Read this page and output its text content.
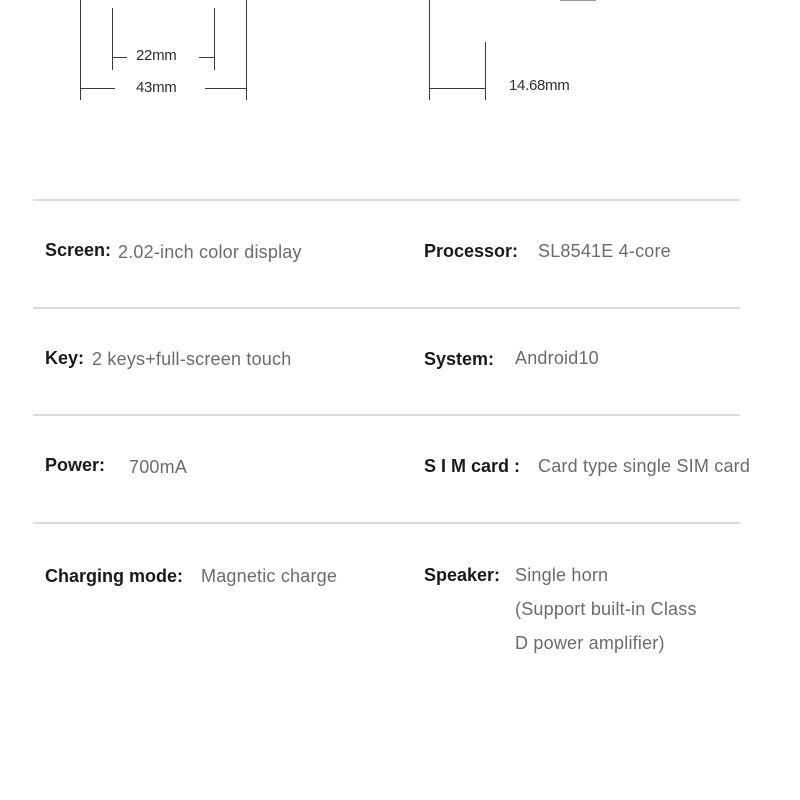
22mm
43mm	14.68mm
Screen: 2.02-inch color display	Processor: SL8541E 4-core
Key: 2 keys+full-screen touch	System: Android10
Power: 700mA	S I M card : Card type single SIM card
Charging mode: Magnetic charge	Speaker: Single horn
(Support built-in Class
D power amplifier)
